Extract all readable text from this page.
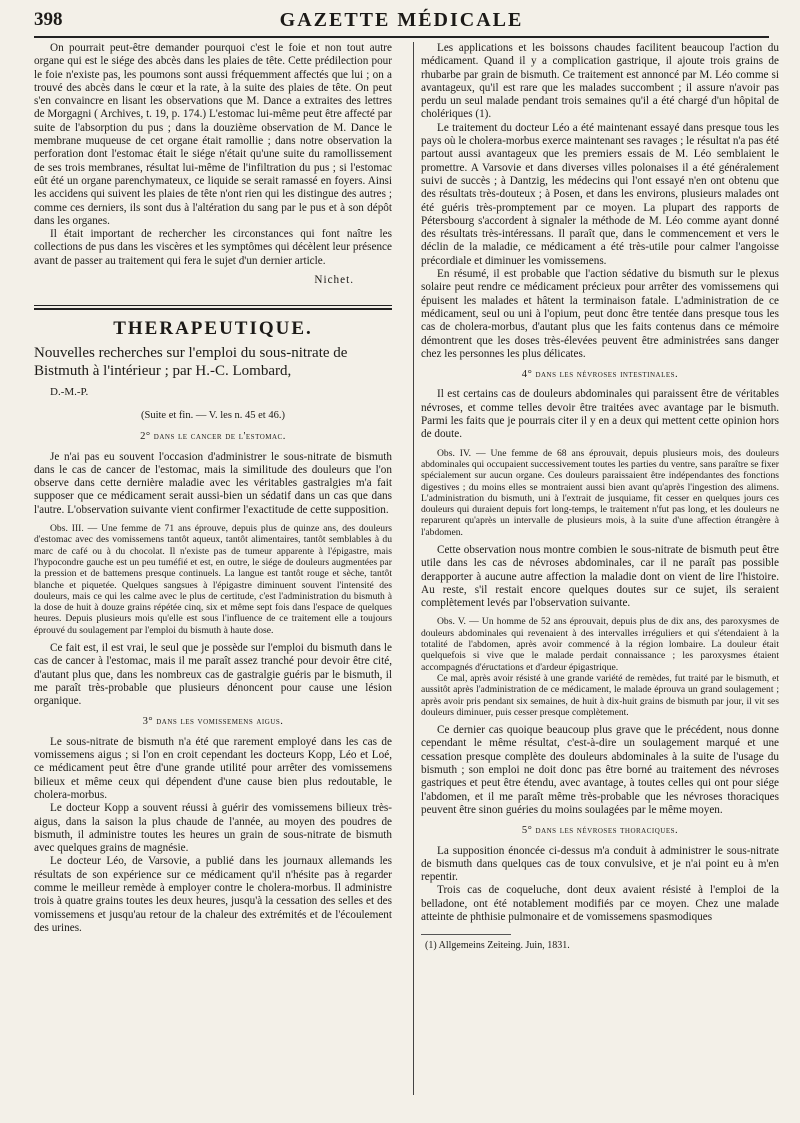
398	GAZETTE MÉDICALE

On pourrait peut-être demander pourquoi c'est le foie et non tout autre organe qui est le siége des abcès dans les plaies de tête. Cette prédilection pour le foie n'existe pas, les poumons sont aussi fréquemment affectés que lui ; on a trouvé des abcès dans le cœur et la rate, à la suite des plaies de tête. On peut s'en convaincre en lisant les observations que M. Dance a extraites des lettres de Morgagni ( Archives, t. 19, p. 174.) L'estomac lui-même peut être affecté par suite de l'absorption du pus ; dans la douzième observation de M. Dance le membrane muqueuse de cet organe était ramollie ; dans notre observation la perforation dont l'estomac était le siége n'était qu'une suite du ramollissement de ses trois membranes, résultat lui-même de l'infiltration du pus ; si l'estomac eût été un organe parenchymateux, ce liquide se serait ramassé en foyers. Ainsi les accidens qui suivent les plaies de tête n'ont rien qui les distingue des autres ; comme ces derniers, ils sont dus à l'altération du sang par le pus et à son dépôt dans les organes.

Il était important de rechercher les circonstances qui font naître les collections de pus dans les viscères et les symptômes qui décèlent leur présence avant de passer au traitement qui fera le sujet d'un dernier article.

Nichet.

THERAPEUTIQUE.

Nouvelles recherches sur l'emploi du sous-nitrate de Bistmuth à l'intérieur ; par H.-C. Lombard,

D.-M.-P.

(Suite et fin. — V. les n. 45 et 46.)

2° dans le cancer de l'estomac.

Je n'ai pas eu souvent l'occasion d'administrer le sous-nitrate de bismuth dans le cas de cancer de l'estomac, mais la similitude des douleurs que l'on observe dans cette dernière maladie avec les véritables gastralgies m'a fait supposer que ce médicament serait aussi-bien un sédatif dans un cas que dans l'autre. L'observation suivante vient confirmer l'exactitude de cette supposition.

Obs. III. — Une femme de 71 ans éprouve, depuis plus de quinze ans, des douleurs d'estomac avec des vomissemens tantôt aqueux, tantôt alimentaires, tantôt semblables à du marc de café ou à du chocolat. Il n'existe pas de tumeur apparente à l'épigastre, mais l'hypocondre gauche est un peu tuméfié et est, en outre, le siége de douleurs augmentées par la pression et de battemens presque continuels. La langue est tantôt rouge et sèche, tantôt blanche et piquetée. Quelques sangsues à l'épigastre diminuent souvent l'intensité des douleurs, mais ce qui les calme avec le plus de certitude, c'est l'administration du bismuth à la dose de huit à douze grains répétée cinq, six et même sept fois dans l'espace de quelques heures. Depuis plusieurs mois qu'elle est sous l'influence de ce traitement elle a toujours éprouvé du soulagement par l'emploi du bismuth à haute dose.

Ce fait est, il est vrai, le seul que je possède sur l'emploi du bismuth dans le cas de cancer à l'estomac, mais il me paraît assez tranché pour devoir être cité, d'autant plus que, dans les nombreux cas de gastralgie guéris par le bismuth, il me paraît très-probable que plusieurs dénoncent pour cause une lésion organique.

3° dans les vomissemens aigus.

Le sous-nitrate de bismuth n'a été que rarement employé dans les cas de vomissemens aigus ; si l'on en croit cependant les docteurs Kopp, Léo et Loé, ce médicament peut être d'une grande utilité pour arrêter des vomissemens bilieux et même ceux qui dépendent d'une cause bien plus redoutable, le cholera-morbus.

Le docteur Kopp a souvent réussi à guérir des vomissemens bilieux très-aigus, dans la saison la plus chaude de l'année, au moyen des poudres de bismuth, il administre toutes les heures un grain de sous-nitrate de bismuth avec quelques grains de magnésie.

Le docteur Léo, de Varsovie, a publié dans les journaux allemands les résultats de son expérience sur ce médicament qu'il n'hésite pas à regarder comme le meilleur remède à employer contre le cholera-morbus. Il administre trois à quatre grains toutes les deux heures, jusqu'à la cessation des selles et des vomissemens et jusqu'au retour de la chaleur des extrémités et de l'écoulement des urines.

Les applications et les boissons chaudes facilitent beaucoup l'action du médicament. Quand il y a complication gastrique, il ajoute trois grains de rhubarbe par grain de bismuth. Ce traitement est annoncé par M. Léo comme si avantageux, qu'il est rare que les malades succombent ; il assure n'avoir pas perdu un seul malade pendant trois semaines qu'il a été chargé d'un hôpital de cholériques (1).

Le traitement du docteur Léo a été maintenant essayé dans presque tous les pays où le cholera-morbus exerce maintenant ses ravages ; le résultat n'a pas été partout aussi avantageux que les premiers essais de M. Léo semblaient le promettre. A Varsovie et dans diverses villes polonaises il a été généralement suivi de succès ; à Dantzig, les médecins qui l'ont essayé n'en ont obtenu que des résultats très-douteux ; à Posen, et dans les environs, plusieurs malades ont été guéris très-promptement par ce moyen. La plupart des rapports de Pétersbourg s'accordent à signaler la méthode de M. Léo comme ayant donné des résultats très-intéressans. Il paraît que, dans le commencement et vers le déclin de la maladie, ce médicament a été très-utile pour calmer l'angoisse précordiale et diminuer les vomissemens.

En résumé, il est probable que l'action sédative du bismuth sur le plexus solaire peut rendre ce médicament précieux pour arrêter des vomissemens qui épuisent les malades et hâtent la terminaison fatale. L'administration de ce médicament, seul ou uni à l'opium, peut donc être tentée dans presque tous les cas de cholera-morbus, d'autant plus que les faits contenus dans ce mémoire démontrent que les doses très-élevées peuvent être administrées sans danger chez les personnes les plus délicates.

4° dans les névroses intestinales.

Il est certains cas de douleurs abdominales qui paraissent être de véritables névroses, et comme telles devoir être traitées avec avantage par le bismuth. Parmi les faits que je pourrais citer il y en a deux qui mettent cette opinion hors de doute.

Obs. IV. — Une femme de 68 ans éprouvait, depuis plusieurs mois, des douleurs abdominales qui occupaient successivement toutes les parties du ventre, sans paraître se fixer spécialement sur aucun organe. Ces douleurs paraissaient être indépendantes des fonctions digestives ; du moins elles se montraient aussi bien avant qu'après l'ingestion des alimens. L'administration du bismuth, uni à l'extrait de jusquiame, fit cesser en quelques jours ces douleurs qui duraient depuis fort long-temps, le traitement n'fut pas long, et les douleurs ne reparurent qu'après un intervalle de plusieurs mois, à la suite d'une affection étrangère à l'abdomen.

Cette observation nous montre combien le sous-nitrate de bismuth peut être utile dans les cas de névroses abdominales, car il ne paraît pas possible derapporter à aucune autre affection la maladie dont on vient de lire l'histoire. Au reste, s'il restait encore quelques doutes sur ce sujet, ils seraient complètement levés par l'observation suivante.

Obs. V. — Un homme de 52 ans éprouvait, depuis plus de dix ans, des paroxysmes de douleurs abdominales qui revenaient à des intervalles irréguliers et qui s'étendaient à la totalité de l'abdomen, après avoir commencé à la région lombaire. La douleur était quelquefois si vive que le malade perdait connaissance ; les paroxysmes étaient accompagnés d'éructations et d'ardeur épigastrique.

Ce mal, après avoir résisté à une grande variété de remèdes, fut traité par le bismuth, et aussitôt après l'administration de ce médicament, le malade éprouva un grand soulagement ; après avoir pris pendant six semaines, de huit à dix-huit grains de bismuth par jour, il vit ses douleurs diminuer, puis cesser presque complètement.

Ce dernier cas quoique beaucoup plus grave que le précédent, nous donne cependant le même résultat, c'est-à-dire un soulagement marqué et une cessation presque complète des douleurs abdominales à la suite de l'usage du bismuth ; son emploi ne doit donc pas être borné au traitement des névroses gastriques et peut être étendu, avec avantage, à toutes celles qui ont pour siége l'abdomen, et il me paraît même très-probable que les névroses thoraciques peuvent être sinon guéries du moins soulagées par le même moyen.

5° dans les névroses thoraciques.

La supposition énoncée ci-dessus m'a conduit à administrer le sous-nitrate de bismuth dans quelques cas de toux convulsive, et je n'ai point eu à m'en repentir.

Trois cas de coqueluche, dont deux avaient résisté à l'emploi de la belladone, ont été notablement modifiés par ce moyen. Chez une malade atteinte de phthisie pulmonaire et de vomissemens spasmodiques

(1) Allgemeins Zeiteing. Juin, 1831.
